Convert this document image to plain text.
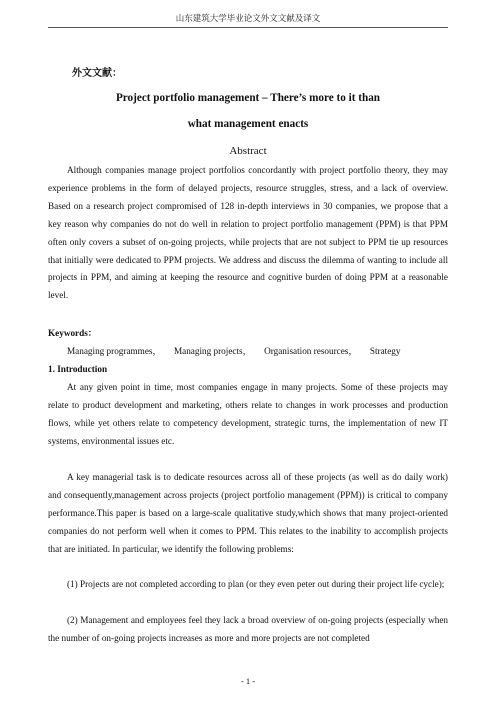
山东建筑大学毕业论文外文文献及译文
外文文献：
Project portfolio management – There’s more to it than
what management enacts
Abstract
Although companies manage project portfolios concordantly with project portfolio theory, they may experience problems in the form of delayed projects, resource struggles, stress, and a lack of overview. Based on a research project compromised of 128 in-depth interviews in 30 companies, we propose that a key reason why companies do not do well in relation to project portfolio management (PPM) is that PPM often only covers a subset of on-going projects, while projects that are not subject to PPM tie up resources that initially were dedicated to PPM projects. We address and discuss the dilemma of wanting to include all projects in PPM, and aiming at keeping the resource and cognitive burden of doing PPM at a reasonable level.
Keywords：
Managing programmes， Managing projects， Organisation resources， Strategy
1. Introduction
At any given point in time, most companies engage in many projects. Some of these projects may relate to product development and marketing, others relate to changes in work processes and production flows, while yet others relate to competency development, strategic turns, the implementation of new IT systems, environmental issues etc.
A key managerial task is to dedicate resources across all of these projects (as well as do daily work) and consequently,management across projects (project portfolio management (PPM)) is critical to company performance.This paper is based on a large-scale qualitative study,which shows that many project-oriented companies do not perform well when it comes to PPM. This relates to the inability to accomplish projects that are initiated. In particular, we identify the following problems:
(1) Projects are not completed according to plan (or they even peter out during their project life cycle);
(2) Management and employees feel they lack a broad overview of on-going projects (especially when the number of on-going projects increases as more and more projects are not completed
- 1 -
